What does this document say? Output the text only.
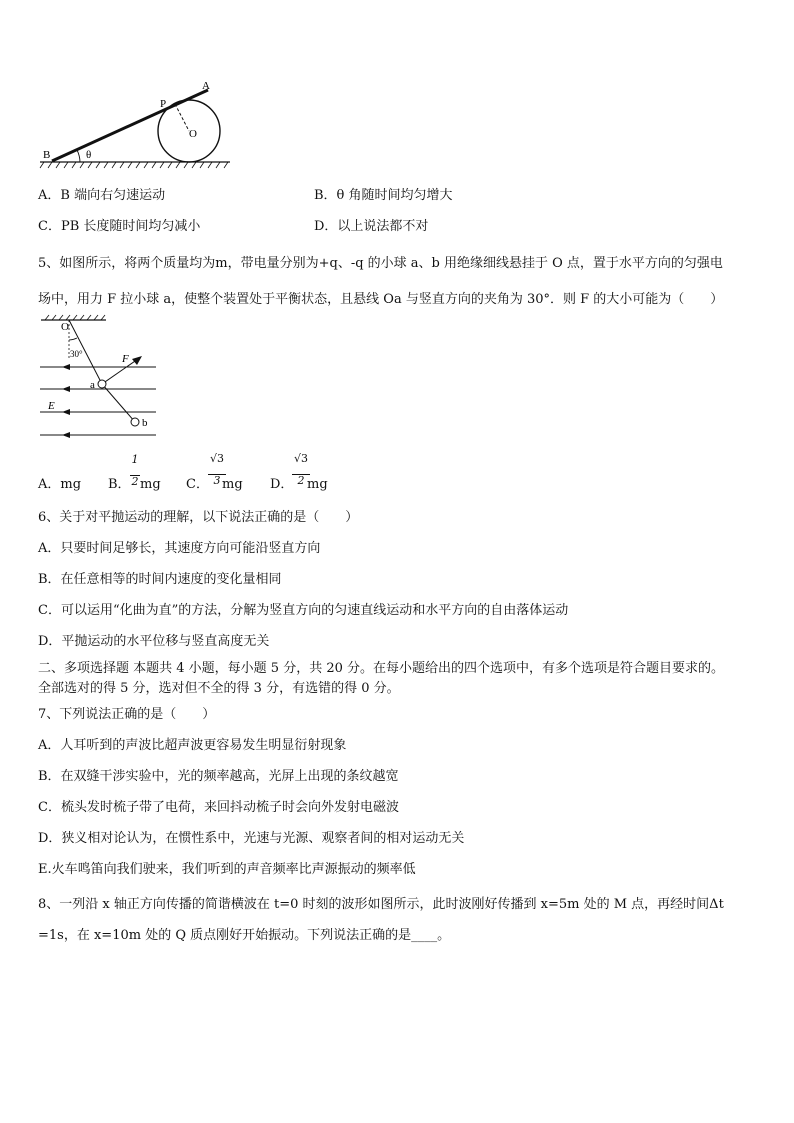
A
P
O
B	θ
A．B 端向右匀速运动	B．θ 角随时间均匀增大
C．PB 长度随时间均匀减小	D．以上说法都不对
5、如图所示，将两个质量均为m，带电量分别为+q、-q 的小球 a、b 用绝缘细线悬挂于 O 点，置于水平方向的匀强电
场中，用力 F 拉小球 a，使整个装置处于平衡状态，且悬线 Oa 与竖直方向的夹角为 30°．则 F 的大小可能为（　　）
O
30°	F
a
E
b
A．mg B． $\frac{1}{2}$ mg C． $\frac{√3}{3}$
mg D．
$\frac{√3}{2}$
mg
6、关于对平抛运动的理解，以下说法正确的是（　　）
A．只要时间足够长，其速度方向可能沿竖直方向
B．在任意相等的时间内速度的变化量相同
C．可以运用“化曲为直”的方法，分解为竖直方向的匀速直线运动和水平方向的自由落体运动
D．平抛运动的水平位移与竖直高度无关
二、多项选择题 本题共 4 小题，每小题 5 分，共 20 分。在每小题给出的四个选项中，有多个选项是符合题目要求的。
全部选对的得 5 分，选对但不全的得 3 分，有选错的得 0 分。
7、下列说法正确的是（　　）
A．人耳听到的声波比超声波更容易发生明显衍射现象
B．在双缝干涉实验中，光的频率越高，光屏上出现的条纹越宽
C．梳头发时梳子带了电荷，来回抖动梳子时会向外发射电磁波
D．狭义相对论认为，在惯性系中，光速与光源、观察者间的相对运动无关
E.火车鸣笛向我们驶来，我们听到的声音频率比声源振动的频率低
8、一列沿 x 轴正方向传播的简谐横波在 t=0 时刻的波形如图所示，此时波刚好传播到 x=5m 处的 M 点，再经时间Δt
=1s，在 x=10m 处的 Q 质点刚好开始振动。下列说法正确的是____。
